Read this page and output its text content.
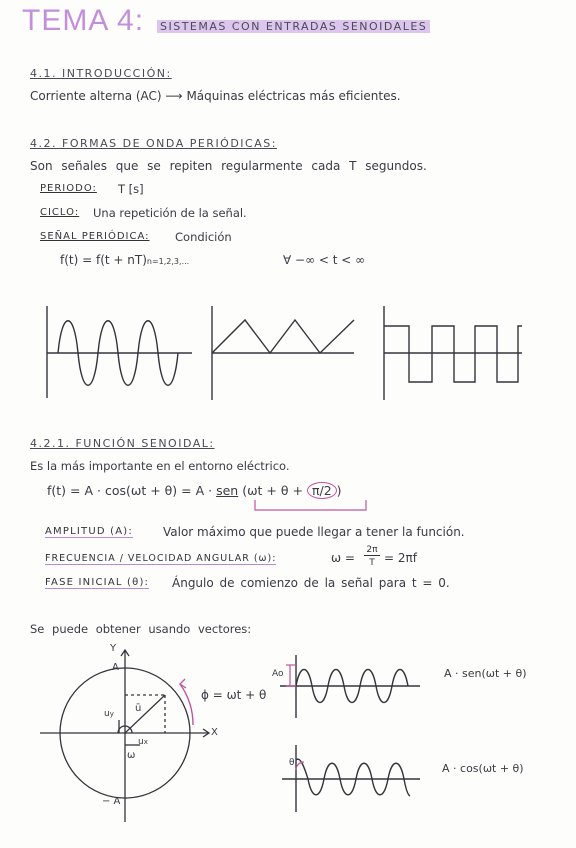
TEMA 4: SISTEMAS CON ENTRADAS SENOIDALES
4.1. INTRODUCCIÓN:
Corriente alterna (AC) ⟶ Máquinas eléctricas más eficientes.
4.2. FORMAS DE ONDA PERIÓDICAS:
Son señales que se repiten regularmente cada T segundos.
PERIODO: T [s]
CICLO: Una repetición de la señal.
SEÑAL PERIÓDICA: Condición
f(t) = f(t + nT)n=1,2,3,...	∀ −∞ < t < ∞
4.2.1. FUNCIÓN SENOIDAL:
Es la más importante en el entorno eléctrico.
f(t) = A · cos(ωt + θ) = A · sen (ωt + θ + π/2 )
AMPLITUD (A):	Valor máximo que puede llegar a tener la función.
FRECUENCIA / VELOCIDAD ANGULAR (ω):	ω =
2π
T = 2πf
FASE INICIAL (θ): Ángulo de comienzo de la señal para t = 0.
Se puede obtener usando vectores:
Y
X
A
− A
uy ū
ux
ω
ϕ = ωt + θ
Ao	A · sen(ωt + θ)
θ	A · cos(ωt + θ)
